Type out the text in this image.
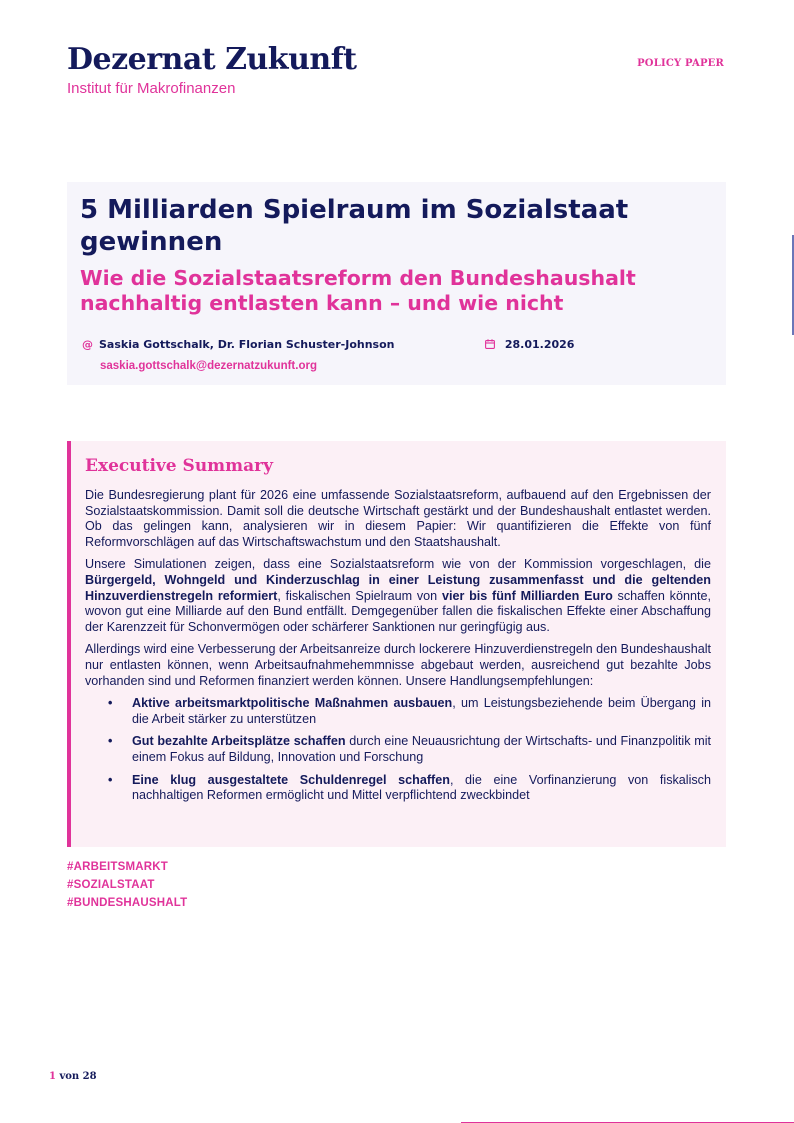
Dezernat Zukunft
Institut für Makrofinanzen
POLICY PAPER
5 Milliarden Spielraum im Sozialstaat gewinnen
Wie die Sozialstaatsreform den Bundeshaushalt nachhaltig entlasten kann – und wie nicht
@ Saskia Gottschalk, Dr. Florian Schuster-Johnson	28.01.2026
saskia.gottschalk@dezernatzukunft.org
Executive Summary

Die Bundesregierung plant für 2026 eine umfassende Sozialstaatsreform, aufbauend auf den Ergebnissen der Sozialstaatskommission. Damit soll die deutsche Wirtschaft gestärkt und der Bundeshaushalt entlastet werden. Ob das gelingen kann, analysieren wir in diesem Papier: Wir quantifizieren die Effekte von fünf Reformvorschlägen auf das Wirtschaftswachstum und den Staatshaushalt.

Unsere Simulationen zeigen, dass eine Sozialstaatsreform wie von der Kommission vorgeschlagen, die Bürgergeld, Wohngeld und Kinderzuschlag in einer Leistung zusammenfasst und die geltenden Hinzuverdienstregeln reformiert, fiskalischen Spielraum von vier bis fünf Milliarden Euro schaffen könnte, wovon gut eine Milliarde auf den Bund entfällt. Demgegenüber fallen die fiskalischen Effekte einer Abschaffung der Karenzzeit für Schonvermögen oder schärferer Sanktionen nur geringfügig aus.

Allerdings wird eine Verbesserung der Arbeitsanreize durch lockerere Hinzuverdienstregeln den Bundeshaushalt nur entlasten können, wenn Arbeitsaufnahmehemmnisse abgebaut werden, ausreichend gut bezahlte Jobs vorhanden sind und Reformen finanziert werden können. Unsere Handlungsempfehlungen:

• Aktive arbeitsmarktpolitische Maßnahmen ausbauen, um Leistungsbeziehende beim Übergang in die Arbeit stärker zu unterstützen
• Gut bezahlte Arbeitsplätze schaffen durch eine Neuausrichtung der Wirtschafts- und Finanzpolitik mit einem Fokus auf Bildung, Innovation und Forschung
• Eine klug ausgestaltete Schuldenregel schaffen, die eine Vorfinanzierung von fiskalisch nachhaltigen Reformen ermöglicht und Mittel verpflichtend zweckbindet
#ARBEITSMARKT
#SOZIALSTAAT
#BUNDESHAUSHALT
1 von 28
